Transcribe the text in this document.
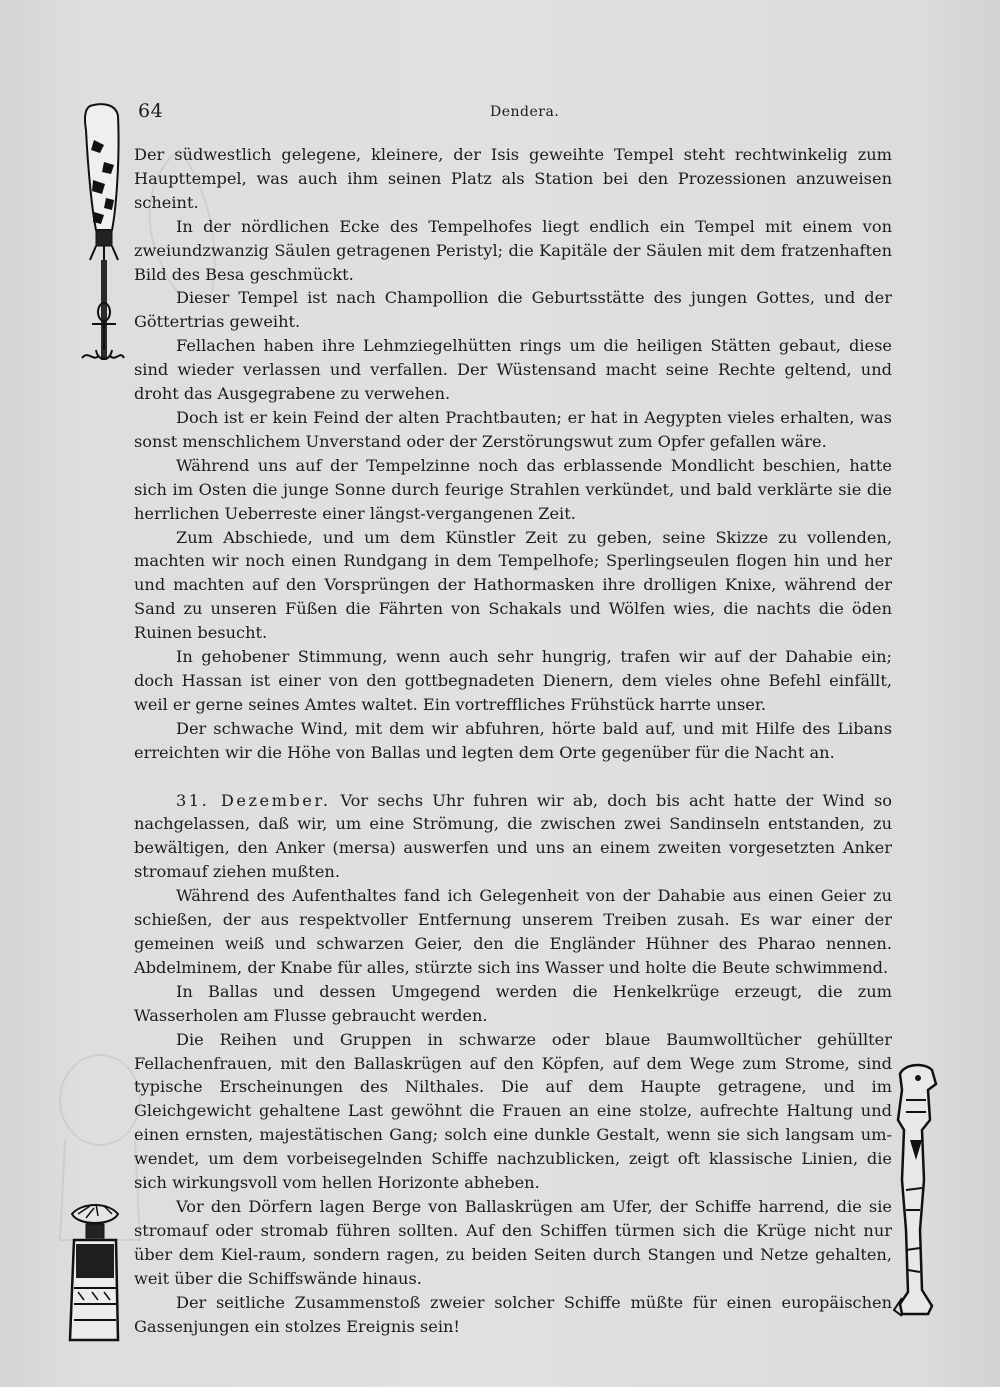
64	Dendera.

Der südwestlich gelegene, kleinere, der Isis geweihte Tempel steht rechtwinkelig zum Haupttempel, was auch ihm seinen Platz als Station bei den Prozessionen anzuweisen scheint.

In der nördlichen Ecke des Tempelhofes liegt endlich ein Tempel mit einem von zweiundzwanzig Säulen getragenen Peristyl; die Kapitäle der Säulen mit dem fratzenhaften Bild des Besa geschmückt.

Dieser Tempel ist nach Champollion die Geburtsstätte des jungen Gottes, und der Göttertrias geweiht.

Fellachen haben ihre Lehmziegelhütten rings um die heiligen Stätten gebaut, diese sind wieder verlassen und verfallen. Der Wüstensand macht seine Rechte geltend, und droht das Ausgegrabene zu verwehen.

Doch ist er kein Feind der alten Prachtbauten; er hat in Aegypten vieles erhalten, was sonst menschlichem Unverstand oder der Zerstörungswut zum Opfer gefallen wäre.

Während uns auf der Tempelzinne noch das erblassende Mondlicht beschien, hatte sich im Osten die junge Sonne durch feurige Strahlen verkündet, und bald verklärte sie die herrlichen Ueberreste einer längst-vergangenen Zeit.

Zum Abschiede, und um dem Künstler Zeit zu geben, seine Skizze zu vollenden, machten wir noch einen Rundgang in dem Tempelhofe; Sperlingseulen flogen hin und her und machten auf den Vorsprüngen der Hathormasken ihre drolligen Knixe, während der Sand zu unseren Füßen die Fährten von Schakals und Wölfen wies, die nachts die öden Ruinen besucht.

In gehobener Stimmung, wenn auch sehr hungrig, trafen wir auf der Dahabie ein; doch Hassan ist einer von den gottbegnadeten Dienern, dem vieles ohne Befehl einfällt, weil er gerne seines Amtes waltet. Ein vortreffliches Frühstück harrte unser.

Der schwache Wind, mit dem wir abfuhren, hörte bald auf, und mit Hilfe des Libans erreichten wir die Höhe von Ballas und legten dem Orte gegenüber für die Nacht an.

31. Dezember. Vor sechs Uhr fuhren wir ab, doch bis acht hatte der Wind so nachgelassen, daß wir, um eine Strömung, die zwischen zwei Sandinseln entstanden, zu bewältigen, den Anker (mersa) auswerfen und uns an einem zweiten vorgesetzten Anker stromauf ziehen mußten.

Während des Aufenthaltes fand ich Gelegenheit von der Dahabie aus einen Geier zu schießen, der aus respektvoller Entfernung unserem Treiben zusah. Es war einer der gemeinen weiß und schwarzen Geier, den die Engländer Hühner des Pharao nennen. Abdelminem, der Knabe für alles, stürzte sich ins Wasser und holte die Beute schwimmend.

In Ballas und dessen Umgegend werden die Henkelkrüge erzeugt, die zum Wasserholen am Flusse gebraucht werden.

Die Reihen und Gruppen in schwarze oder blaue Baumwolltücher gehüllter Fellachenfrauen, mit den Ballaskrügen auf den Köpfen, auf dem Wege zum Strome, sind typische Erscheinungen des Nilthales. Die auf dem Haupte getragene, und im Gleichgewicht gehaltene Last gewöhnt die Frauen an eine stolze, aufrechte Haltung und einen ernsten, majestätischen Gang; solch eine dunkle Gestalt, wenn sie sich langsam um-wendet, um dem vorbeisegelnden Schiffe nachzublicken, zeigt oft klassische Linien, die sich wirkungsvoll vom hellen Horizonte abheben.

Vor den Dörfern lagen Berge von Ballaskrügen am Ufer, der Schiffe harrend, die sie stromauf oder stromab führen sollten. Auf den Schiffen türmen sich die Krüge nicht nur über dem Kiel-raum, sondern ragen, zu beiden Seiten durch Stangen und Netze gehalten, weit über die Schiffswände hinaus.

Der seitliche Zusammenstoß zweier solcher Schiffe müßte für einen europäischen Gassenjungen ein stolzes Ereignis sein!
